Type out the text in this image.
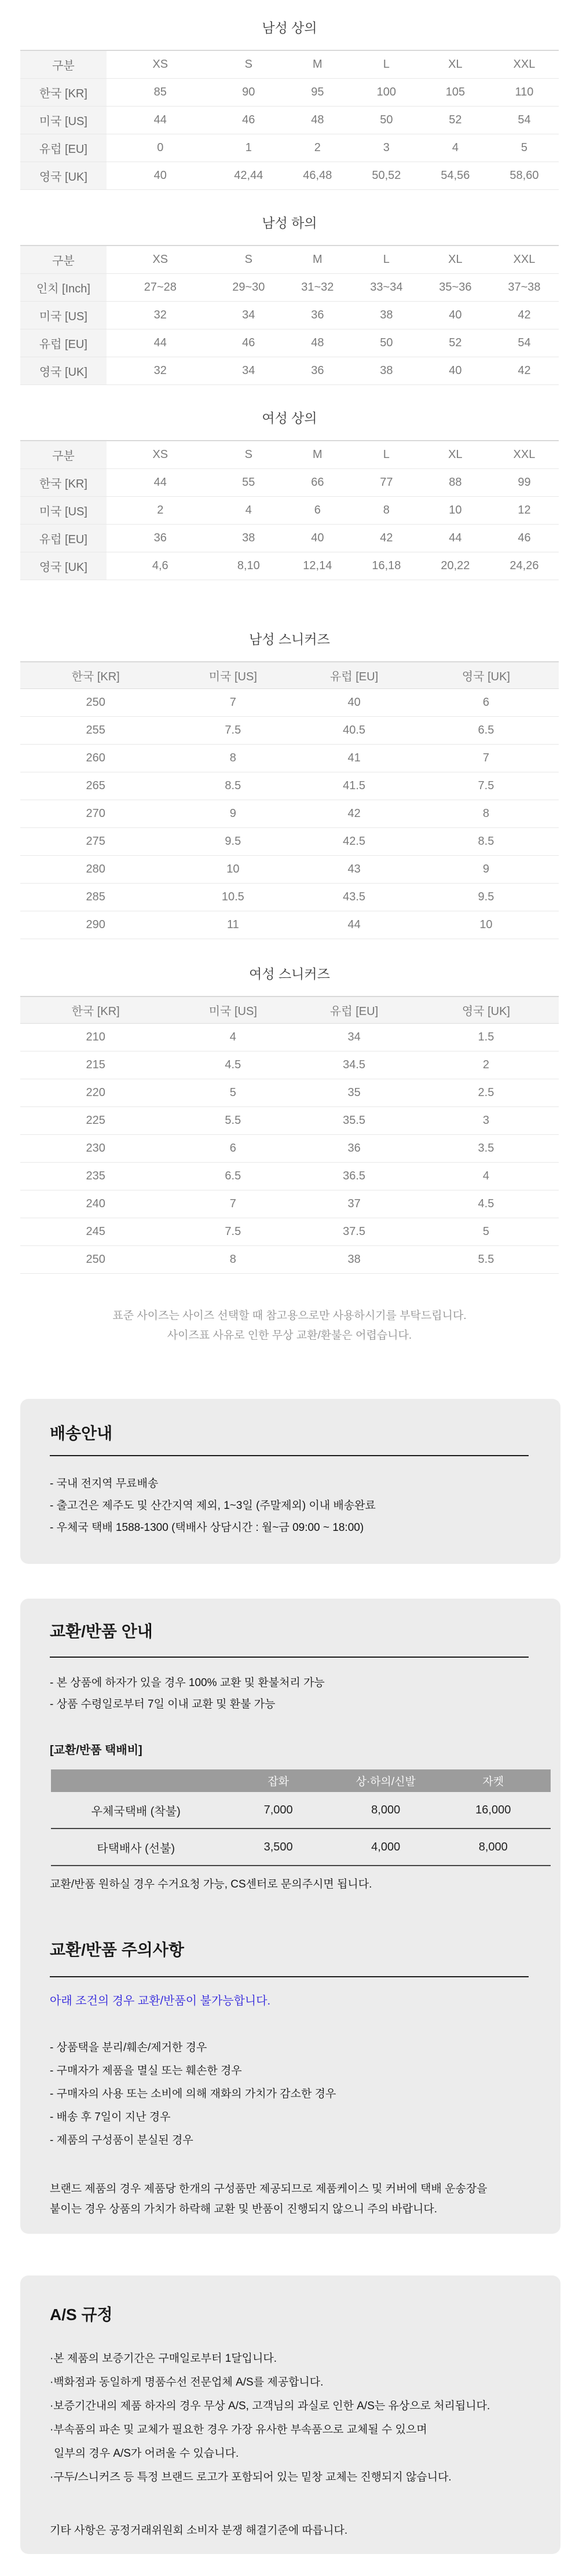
남성 상의
구분	XS	S	M	L	XL	XXL
한국 [KR]	85	90	95	100	105	110
미국 [US]	44	46	48	50	52	54
유럽 [EU]	0	1	2	3	4	5
영국 [UK]	40	42,44	46,48	50,52	54,56	58,60
남성 하의
구분	XS	S	M	L	XL	XXL
인치 [Inch]	27~28	29~30	31~32	33~34	35~36	37~38
미국 [US]	32	34	36	38	40	42
유럽 [EU]	44	46	48	50	52	54
영국 [UK]	32	34	36	38	40	42
여성 상의
구분	XS	S	M	L	XL	XXL
한국 [KR]	44	55	66	77	88	99
미국 [US]	2	4	6	8	10	12
유럽 [EU]	36	38	40	42	44	46
영국 [UK]	4,6	8,10	12,14	16,18	20,22	24,26
남성 스니커즈
한국 [KR]	미국 [US]	유럽 [EU]	영국 [UK]
250	7	40	6
255	7.5	40.5	6.5
260	8	41	7
265	8.5	41.5	7.5
270	9	42	8
275	9.5	42.5	8.5
280	10	43	9
285	10.5	43.5	9.5
290	11	44	10
여성 스니커즈
한국 [KR]	미국 [US]	유럽 [EU]	영국 [UK]
210	4	34	1.5
215	4.5	34.5	2
220	5	35	2.5
225	5.5	35.5	3
230	6	36	3.5
235	6.5	36.5	4
240	7	37	4.5
245	7.5	37.5	5
250	8	38	5.5
표준 사이즈는 사이즈 선택할 때 참고용으로만 사용하시기를 부탁드립니다.
사이즈표 사유로 인한 무상 교환/환불은 어렵습니다.
배송안내
- 국내 전지역 무료배송
- 출고건은 제주도 및 산간지역 제외, 1~3일 (주말제외) 이내 배송완료
- 우체국 택배 1588-1300 (택배사 상담시간 : 월~금 09:00 ~ 18:00)
교환/반품 안내
- 본 상품에 하자가 있을 경우 100% 교환 및 환불처리 가능
- 상품 수령일로부터 7일 이내 교환 및 환불 가능
[교환/반품 택배비]
	잡화	상·하의/신발	자켓
우체국택배 (착불)	7,000	8,000	16,000
타택배사 (선불)	3,500	4,000	8,000
교환/반품 원하실 경우 수거요청 가능, CS센터로 문의주시면 됩니다.
교환/반품 주의사항
아래 조건의 경우 교환/반품이 불가능합니다.
- 상품택을 분리/훼손/제거한 경우
- 구매자가 제품을 멸실 또는 훼손한 경우
- 구매자의 사용 또는 소비에 의해 재화의 가치가 감소한 경우
- 배송 후 7일이 지난 경우
- 제품의 구성품이 분실된 경우
브랜드 제품의 경우 제품당 한개의 구성품만 제공되므로 제품케이스 및 커버에 택배 운송장을
붙이는 경우 상품의 가치가 하락해 교환 및 반품이 진행되지 않으니 주의 바랍니다.
A/S 규정
·본 제품의 보증기간은 구매일로부터 1달입니다.
·백화점과 동일하게 명품수선 전문업체 A/S를 제공합니다.
·보증기간내의 제품 하자의 경우 무상 A/S, 고객님의 과실로 인한 A/S는 유상으로 처리됩니다.
·부속품의 파손 및 교체가 필요한 경우 가장 유사한 부속품으로 교체될 수 있으며
일부의 경우 A/S가 어려울 수 있습니다.
·구두/스니커즈 등 특정 브랜드 로고가 포함되어 있는 밑창 교체는 진행되지 않습니다.
기타 사항은 공정거래위원회 소비자 분쟁 해결기준에 따릅니다.
